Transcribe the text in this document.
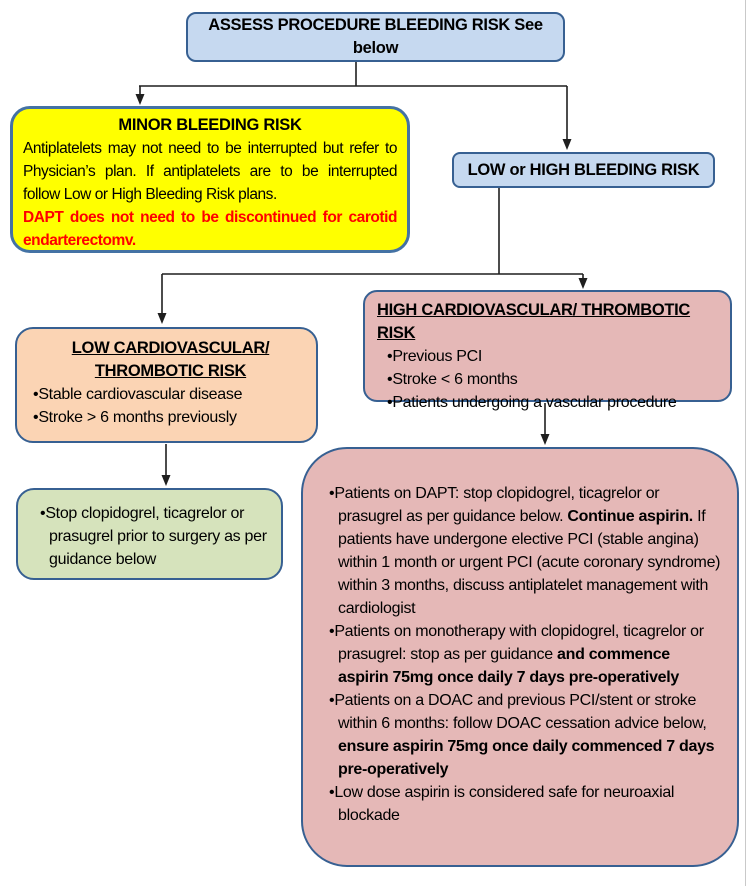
ASSESS PROCEDURE BLEEDING RISK See below
MINOR BLEEDING RISK
Antiplatelets may not need to be interrupted but refer to Physician’s plan. If antiplatelets are to be interrupted follow Low or High Bleeding Risk plans.
DAPT does not need to be discontinued for carotid endarterectomv.
LOW or HIGH BLEEDING RISK
LOW CARDIOVASCULAR/
THROMBOTIC RISK
• Stable cardiovascular disease
• Stroke > 6 months previously
HIGH CARDIOVASCULAR/ THROMBOTIC RISK
• Previous PCI
• Stroke < 6 months
• Patients undergoing a vascular procedure
• Stop clopidogrel, ticagrelor or prasugrel prior to surgery as per guidance below
• Patients on DAPT: stop clopidogrel, ticagrelor or prasugrel as per guidance below. Continue aspirin. If patients have undergone elective PCI (stable angina) within 1 month or urgent PCI (acute coronary syndrome) within 3 months, discuss antiplatelet management with cardiologist
• Patients on monotherapy with clopidogrel, ticagrelor or prasugrel: stop as per guidance and commence aspirin 75mg once daily 7 days pre-operatively
• Patients on a DOAC and previous PCI/stent or stroke within 6 months: follow DOAC cessation advice below, ensure aspirin 75mg once daily commenced 7 days pre-operatively
• Low dose aspirin is considered safe for neuroaxial blockade
